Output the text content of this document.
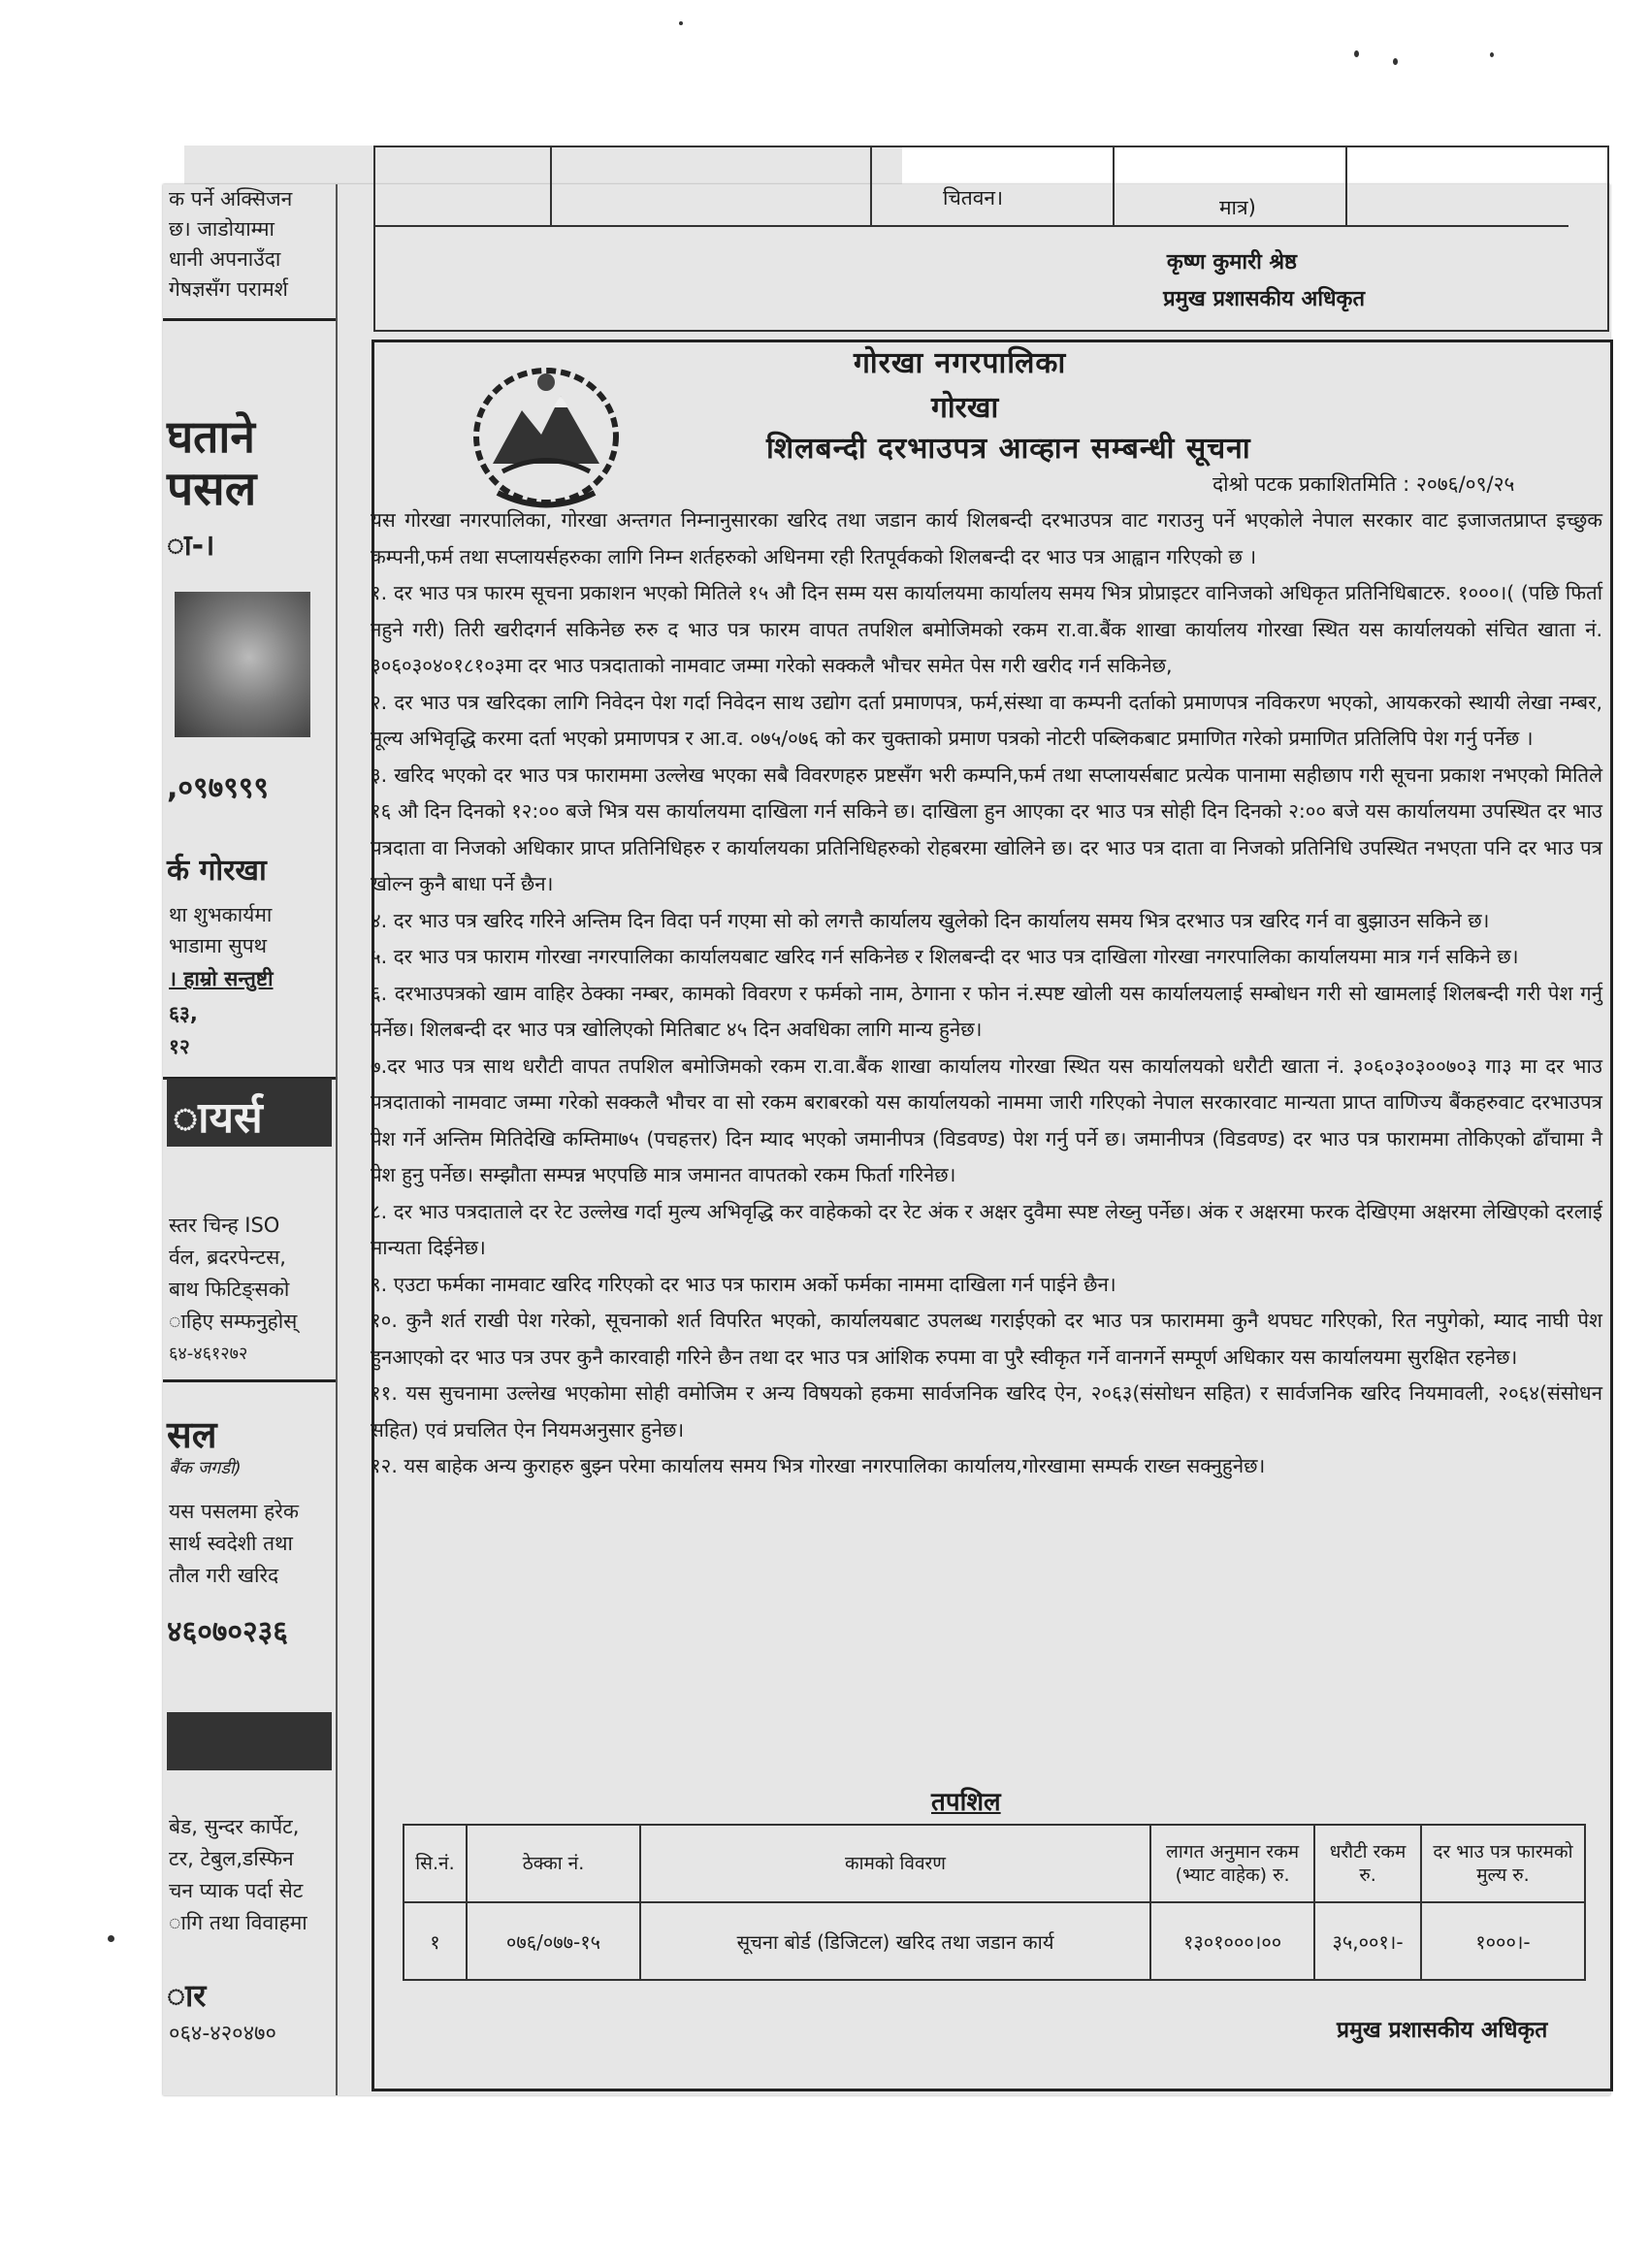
क पर्ने अक्सिजन
छ। जाडोयाम्मा
धानी अपनाउँदा
गेषज्ञसँग परामर्श
घताने
पसल
ा-।
,०९७९९९
र्क गोरखा
था शुभकार्यमा
भाडामा सुपथ
। हाम्रो सन्तुष्टी
६३,
१२
स्तर चिन्ह ISO
र्वल, ब्रदरपेन्टस,
बाथ फिटिङ्सको
ाहिए सम्फनुहोस्
६४-४६१२७२
सल
बैंक जगडी)
यस पसलमा हरेक
सार्थ स्वदेशी तथा
तौल गरी खरिद
४६०७०२३६
बेड, सुन्दर कार्पेट,
टर, टेबुल,डस्फिन
चन प्याक पर्दा सेट
ागि तथा विवाहमा
ार
०६४-४२०४७०
ायर्स
चितवन।	मात्र)
कृष्ण कुमारी श्रेष्ठ
प्रमुख प्रशासकीय अधिकृत
गोरखा नगरपालिका
गोरखा
शिलबन्दी दरभाउपत्र आव्हान सम्बन्धी सूचना
दोश्रो पटक प्रकाशितमिति : २०७६/०९/२५

यस गोरखा नगरपालिका, गोरखा अन्तगत निम्नानुसारका खरिद तथा जडान कार्य शिलबन्दी दरभाउपत्र वाट गराउनु पर्ने भएकोले नेपाल सरकार वाट इजाजतप्राप्त इच्छुक कम्पनी,फर्म तथा सप्लायर्सहरुका लागि निम्न शर्तहरुको अधिनमा रही रितपूर्वकको शिलबन्दी दर भाउ पत्र आह्वान गरिएको छ ।

१. दर भाउ पत्र फारम सूचना प्रकाशन भएको मितिले १५ औ दिन सम्म यस कार्यालयमा कार्यालय समय भित्र प्रोप्राइटर वानिजको अधिकृत प्रतिनिधिबाटरु. १०००।( (पछि फिर्ता नहुने गरी) तिरी खरीदगर्न सकिनेछ रुरु द भाउ पत्र फारम वापत तपशिल बमोजिमको रकम रा.वा.बैंक शाखा कार्यालय गोरखा स्थित यस कार्यालयको संचित खाता नं. ३०६०३०४०१८१०३मा दर भाउ पत्रदाताको नामवाट जम्मा गरेको सक्कलै भौचर समेत पेस गरी खरीद गर्न सकिनेछ,

२. दर भाउ पत्र खरिदका लागि निवेदन पेश गर्दा निवेदन साथ उद्योग दर्ता प्रमाणपत्र, फर्म,संस्था वा कम्पनी दर्ताको प्रमाणपत्र नविकरण भएको, आयकरको स्थायी लेखा नम्बर, मूल्य अभिवृद्धि करमा दर्ता भएको प्रमाणपत्र र आ.व. ०७५/०७६ को कर चुक्ताको प्रमाण पत्रको नोटरी पब्लिकबाट प्रमाणित गरेको प्रमाणित प्रतिलिपि पेश गर्नु पर्नेछ ।

३. खरिद भएको दर भाउ पत्र फाराममा उल्लेख भएका सबै विवरणहरु प्रष्टसँग भरी कम्पनि,फर्म तथा सप्लायर्सबाट प्रत्येक पानामा सहीछाप गरी सूचना प्रकाश नभएको मितिले १६ औ दिन दिनको १२:०० बजे भित्र यस कार्यालयमा दाखिला गर्न सकिने छ। दाखिला हुन आएका दर भाउ पत्र सोही दिन दिनको २:०० बजे यस कार्यालयमा उपस्थित दर भाउ पत्रदाता वा निजको अधिकार प्राप्त प्रतिनिधिहरु र कार्यालयका प्रतिनिधिहरुको रोहबरमा खोलिने छ। दर भाउ पत्र दाता वा निजको प्रतिनिधि उपस्थित नभएता पनि दर भाउ पत्र खोल्न कुनै बाधा पर्ने छैन।

४. दर भाउ पत्र खरिद गरिने अन्तिम दिन विदा पर्न गएमा सो को लगत्तै कार्यालय खुलेको दिन कार्यालय समय भित्र दरभाउ पत्र खरिद गर्न वा बुझाउन सकिने छ।

५. दर भाउ पत्र फाराम गोरखा नगरपालिका कार्यालयबाट खरिद गर्न सकिनेछ र शिलबन्दी दर भाउ पत्र दाखिला गोरखा नगरपालिका कार्यालयमा मात्र गर्न सकिने छ।

६. दरभाउपत्रको खाम वाहिर ठेक्का नम्बर, कामको विवरण र फर्मको नाम, ठेगाना र फोन नं.स्पष्ट खोली यस कार्यालयलाई सम्बोधन गरी सो खामलाई शिलबन्दी गरी पेश गर्नु पर्नेछ। शिलबन्दी दर भाउ पत्र खोलिएको मितिबाट ४५ दिन अवधिका लागि मान्य हुनेछ।

७.दर भाउ पत्र साथ धरौटी वापत तपशिल बमोजिमको रकम रा.वा.बैंक शाखा कार्यालय गोरखा स्थित यस कार्यालयको धरौटी खाता नं. ३०६०३०३००७०३ गा३ मा दर भाउ पत्रदाताको नामवाट जम्मा गरेको सक्कलै भौचर वा सो रकम बराबरको यस कार्यालयको नाममा जारी गरिएको नेपाल सरकारवाट मान्यता प्राप्त वाणिज्य बैंकहरुवाट दरभाउपत्र पेश गर्ने अन्तिम मितिदेखि कम्तिमा७५ (पचहत्तर) दिन म्याद भएको जमानीपत्र (विडवण्ड) पेश गर्नु पर्ने छ। जमानीपत्र (विडवण्ड) दर भाउ पत्र फाराममा तोकिएको ढाँचामा नै पेश हुनु पर्नेछ। सम्झौता सम्पन्न भएपछि मात्र जमानत वापतको रकम फिर्ता गरिनेछ।

८. दर भाउ पत्रदाताले दर रेट उल्लेख गर्दा मुल्य अभिवृद्धि कर वाहेकको दर रेट अंक र अक्षर दुवैमा स्पष्ट लेख्नु पर्नेछ। अंक र अक्षरमा फरक देखिएमा अक्षरमा लेखिएको दरलाई मान्यता दिईनेछ।

९. एउटा फर्मका नामवाट खरिद गरिएको दर भाउ पत्र फाराम अर्को फर्मका नाममा दाखिला गर्न पाईने छैन।

१०. कुनै शर्त राखी पेश गरेको, सूचनाको शर्त विपरित भएको, कार्यालयबाट उपलब्ध गराईएको दर भाउ पत्र फाराममा कुनै थपघट गरिएको, रित नपुगेको, म्याद नाघी पेश हुनआएको दर भाउ पत्र उपर कुनै कारवाही गरिने छैन तथा दर भाउ पत्र आंशिक रुपमा वा पुरै स्वीकृत गर्ने वानगर्ने सम्पूर्ण अधिकार यस कार्यालयमा सुरक्षित रहनेछ।

११. यस सुचनामा उल्लेख भएकोमा सोही वमोजिम र अन्य विषयको हकमा सार्वजनिक खरिद ऐन, २०६३(संसोधन सहित) र सार्वजनिक खरिद नियमावली, २०६४(संसोधन सहित) एवं प्रचलित ऐन नियमअनुसार हुनेछ।

१२. यस बाहेक अन्य कुराहरु बुझ्न परेमा कार्यालय समय भित्र गोरखा नगरपालिका कार्यालय,गोरखामा सम्पर्क राख्न सक्नुहुनेछ।

तपशिल
सि.नं.	ठेक्का नं.	कामको विवरण	लागत अनुमान रकम (भ्याट वाहेक) रु.	धरौटी रकम रु.	दर भाउ पत्र फारमको मुल्य रु.
१	०७६/०७७-१५	सूचना बोर्ड (डिजिटल) खरिद तथा जडान कार्य	१३०१०००।००	३५,००१।-	१०००।-
प्रमुख प्रशासकीय अधिकृत
